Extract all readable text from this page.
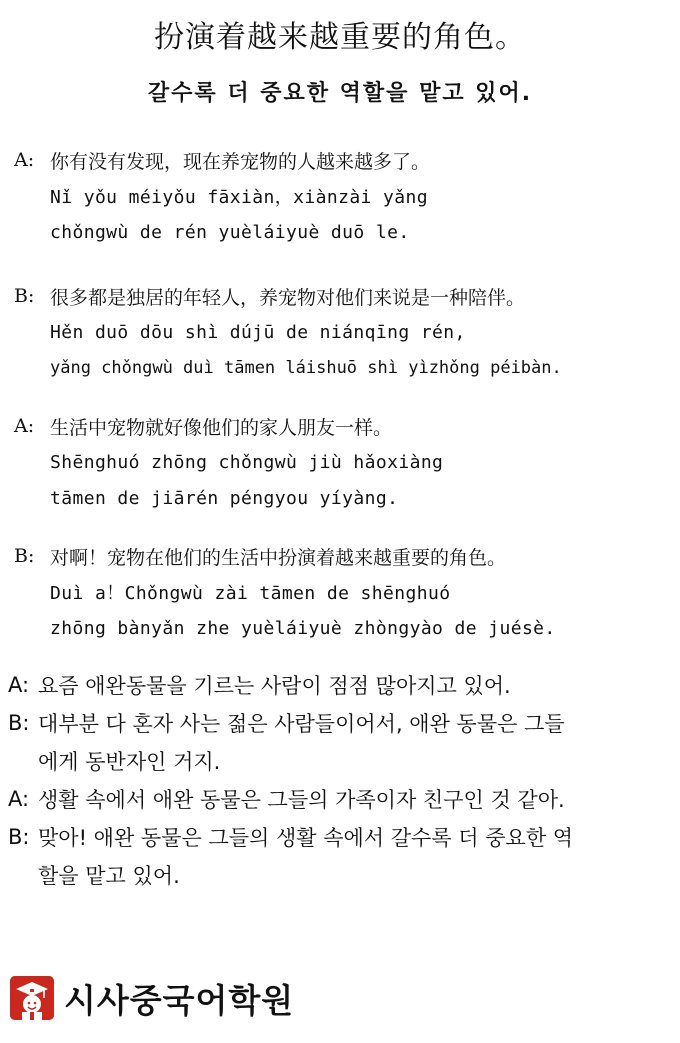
扮演着越来越重要的角色。
갈수록 더 중요한 역할을 맡고 있어.
A: 你有没有发现，现在养宠物的人越来越多了。
Nǐ yǒu méiyǒu fāxiàn，xiànzài yǎng
chǒngwù de rén yuèláiyuè duō le.
B: 很多都是独居的年轻人，养宠物对他们来说是一种陪伴。
Hěn duō dōu shì dújū de niánqīng rén,
yǎng chǒngwù duì tāmen láishuō shì yìzhǒng péibàn.
A: 生活中宠物就好像他们的家人朋友一样。
Shēnghuó zhōng chǒngwù jiù hǎoxiàng
tāmen de jiārén péngyou yíyàng.
B: 对啊！宠物在他们的生活中扮演着越来越重要的角色。
Duì a！Chǒngwù zài tāmen de shēnghuó
zhōng bànyǎn zhe yuèláiyuè zhòngyào de juésè.
A: 요즘 애완동물을 기르는 사람이 점점 많아지고 있어.
B: 대부분 다 혼자 사는 젊은 사람들이어서, 애완 동물은 그들
에게 동반자인 거지.
A: 생활 속에서 애완 동물은 그들의 가족이자 친구인 것 같아.
B: 맞아! 애완 동물은 그들의 생활 속에서 갈수록 더 중요한 역
할을 맡고 있어.
시사중국어학원
